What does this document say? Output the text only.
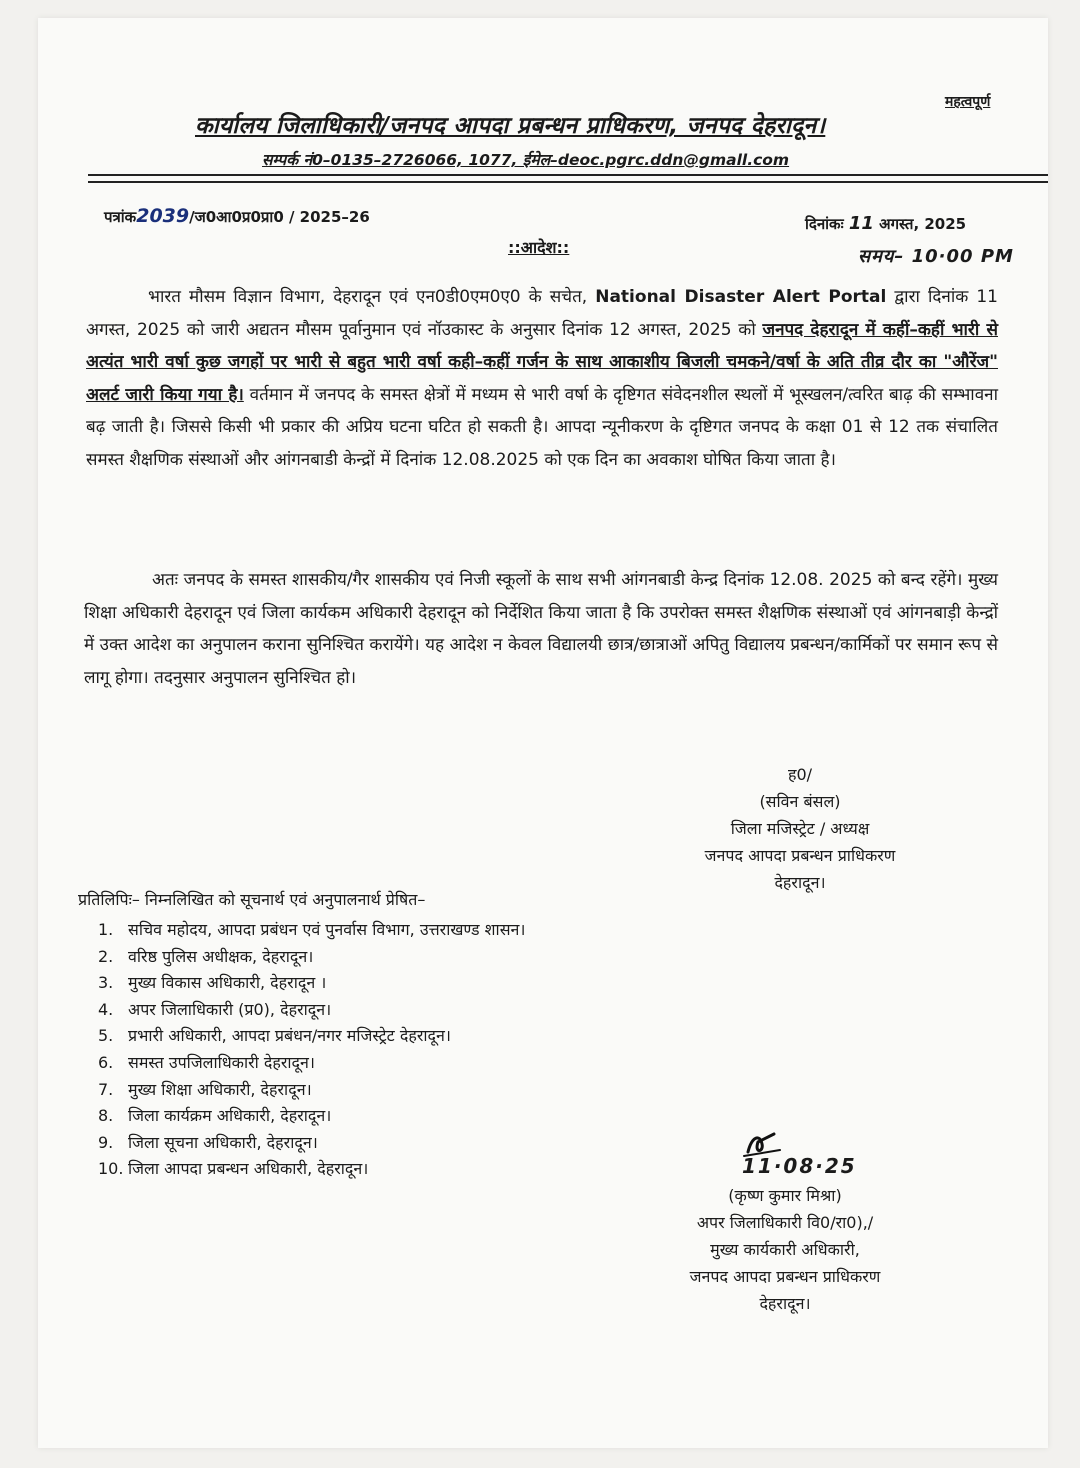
महत्वपूर्ण
कार्यालय जिलाधिकारी/जनपद आपदा प्रबन्धन प्राधिकरण, जनपद देहरादून।
सम्पर्क नं0–0135–2726066, 1077, ईमेल–deoc.pgrc.ddn@gmall.com
पत्रांक2039/ज0आ0प्र0प्रा0 / 2025–26	दिनांकः 11 अगस्त, 2025
::आदेश::	समय– 10·00 PM
भारत मौसम विज्ञान विभाग, देहरादून एवं एन0डी0एम0ए0 के सचेत, National Disaster Alert Portal द्वारा दिनांक 11 अगस्त, 2025 को जारी अद्यतन मौसम पूर्वानुमान एवं नॉउकास्ट के अनुसार दिनांक 12 अगस्त, 2025 को जनपद देहरादून में कहीं–कहीं भारी से अत्यंत भारी वर्षा कुछ जगहों पर भारी से बहुत भारी वर्षा कही–कहीं गर्जन के साथ आकाशीय बिजली चमकने/वर्षा के अति तीव्र दौर का "औरेंज" अलर्ट जारी किया गया है। वर्तमान में जनपद के समस्त क्षेत्रों में मध्यम से भारी वर्षा के दृष्टिगत संवेदनशील स्थलों में भूस्खलन/त्वरित बाढ़ की सम्भावना बढ़ जाती है। जिससे किसी भी प्रकार की अप्रिय घटना घटित हो सकती है। आपदा न्यूनीकरण के दृष्टिगत जनपद के कक्षा 01 से 12 तक संचालित समस्त शैक्षणिक संस्थाओं और आंगनबाडी केन्द्रों में दिनांक 12.08.2025 को एक दिन का अवकाश घोषित किया जाता है।
अतः जनपद के समस्त शासकीय/गैर शासकीय एवं निजी स्कूलों के साथ सभी आंगनबाडी केन्द्र दिनांक 12.08. 2025 को बन्द रहेंगे। मुख्य शिक्षा अधिकारी देहरादून एवं जिला कार्यकम अधिकारी देहरादून को निर्देशित किया जाता है कि उपरोक्त समस्त शैक्षणिक संस्थाओं एवं आंगनबाड़ी केन्द्रों में उक्त आदेश का अनुपालन कराना सुनिश्चित करायेंगे। यह आदेश न केवल विद्यालयी छात्र/छात्राओं अपितु विद्यालय प्रबन्धन/कार्मिकों पर समान रूप से लागू होगा। तदनुसार अनुपालन सुनिश्चित हो।
ह0/
(सविन बंसल)
जिला मजिस्ट्रेट / अध्यक्ष
जनपद आपदा प्रबन्धन प्राधिकरण
देहरादून।
प्रतिलिपिः– निम्नलिखित को सूचनार्थ एवं अनुपालनार्थ प्रेषित–
1. सचिव महोदय, आपदा प्रबंधन एवं पुनर्वास विभाग, उत्तराखण्ड शासन।
2. वरिष्ठ पुलिस अधीक्षक, देहरादून।
3. मुख्य विकास अधिकारी, देहरादून ।
4. अपर जिलाधिकारी (प्र0), देहरादून।
5. प्रभारी अधिकारी, आपदा प्रबंधन/नगर मजिस्ट्रेट देहरादून।
6. समस्त उपजिलाधिकारी देहरादून।
7. मुख्य शिक्षा अधिकारी, देहरादून।
8. जिला कार्यक्रम अधिकारी, देहरादून।
9. जिला सूचना अधिकारी, देहरादून।
10. जिला आपदा प्रबन्धन अधिकारी, देहरादून।	11·08·25
(कृष्ण कुमार मिश्रा)
अपर जिलाधिकारी वि0/रा0),/
मुख्य कार्यकारी अधिकारी,
जनपद आपदा प्रबन्धन प्राधिकरण
देहरादून।
